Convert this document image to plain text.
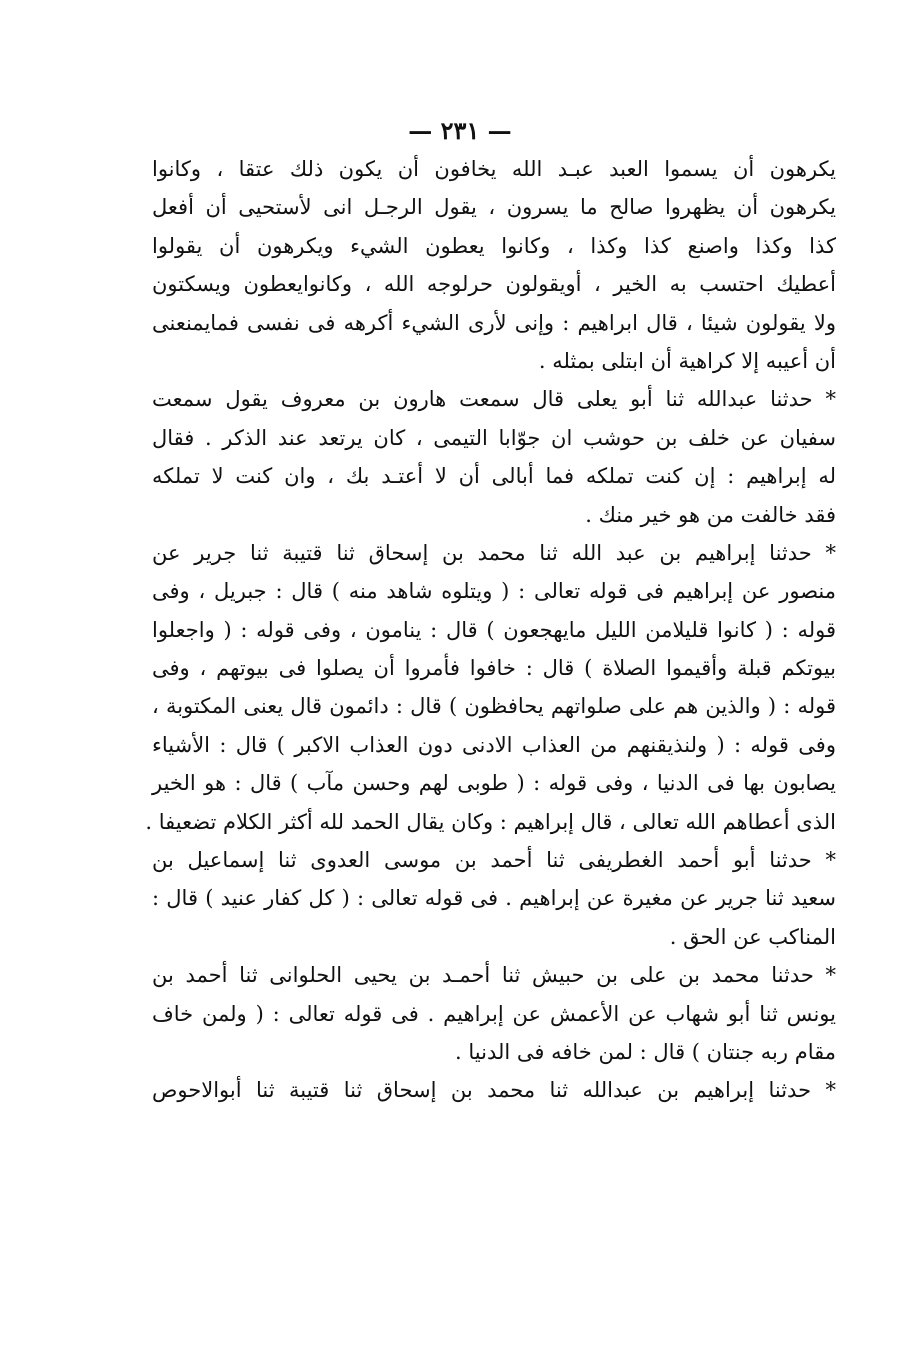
— ٢٣١ —
يكرهون أن يسموا العبد عبـد الله يخافون أن يكون ذلك عتقا ، وكانوا
يكرهون أن يظهروا صالح ما يسرون ، يقول الرجـل انى لأستحيى أن أفعل
كذا وكذا واصنع كذا وكذا ، وكانوا يعطون الشيء ويكرهون أن يقولوا
أعطيك احتسب به الخير ، أويقولون حرلوجه الله ، وكانوايعطون ويسكتون
ولا يقولون شيئا ، قال ابراهيم : وإنى لأرى الشيء أكرهه فى نفسى فمايمنعنى
أن أعيبه إلا كراهية أن ابتلى بمثله .
* حدثنا عبدالله ثنا أبو يعلى قال سمعت هارون بن معروف يقول سمعت
سفيان عن خلف بن حوشب ان جوّابا التيمى ، كان يرتعد عند الذكر . فقال
له إبراهيم : إن كنت تملكه فما أبالى أن لا أعتـد بك ، وان كنت لا تملكه
فقد خالفت من هو خير منك .
* حدثنا إبراهيم بن عبد الله ثنا محمد بن إسحاق ثنا قتيبة ثنا جرير عن
منصور عن إبراهيم فى قوله تعالى : ( ويتلوه شاهد منه ) قال : جبريل ، وفى
قوله : ( كانوا قليلامن الليل مايهجعون ) قال : ينامون ، وفى قوله : ( واجعلوا
بيوتكم قبلة وأقيموا الصلاة ) قال : خافوا فأمروا أن يصلوا فى بيوتهم ، وفى
قوله : ( والذين هم على صلواتهم يحافظون ) قال : دائمون قال يعنى المكتوبة ،
وفى قوله : ( ولنذيقنهم من العذاب الادنى دون العذاب الاكبر ) قال : الأشياء
يصابون بها فى الدنيا ، وفى قوله : ( طوبى لهم وحسن مآب ) قال : هو الخير
الذى أعطاهم الله تعالى ، قال إبراهيم : وكان يقال الحمد لله أكثر الكلام تضعيفا .
* حدثنا أبو أحمد الغطريفى ثنا أحمد بن موسى العدوى ثنا إسماعيل بن
سعيد ثنا جرير عن مغيرة عن إبراهيم . فى قوله تعالى : ( كل كفار عنيد ) قال :
المناكب عن الحق .
* حدثنا محمد بن على بن حبيش ثنا أحمـد بن يحيى الحلوانى ثنا أحمد بن
يونس ثنا أبو شهاب عن الأعمش عن إبراهيم . فى قوله تعالى : ( ولمن خاف
مقام ربه جنتان ) قال : لمن خافه فى الدنيا .
* حدثنا إبراهيم بن عبدالله ثنا محمد بن إسحاق ثنا قتيبة ثنا أبوالاحوص
